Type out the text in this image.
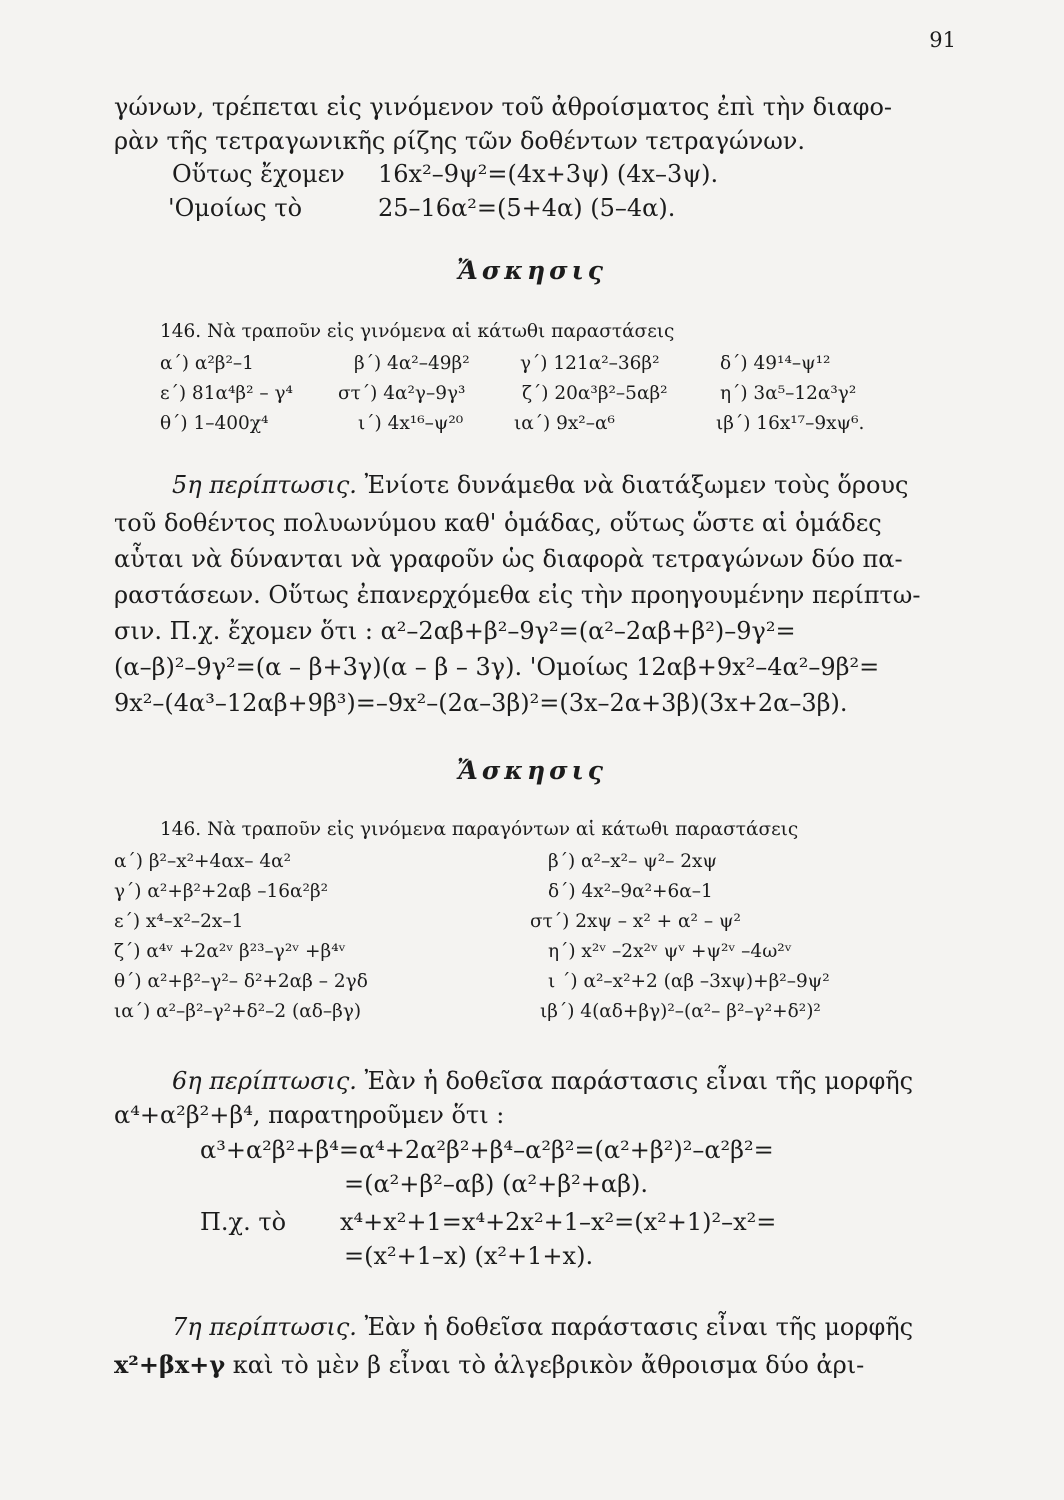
91
γώνων, τρέπεται εἰς γινόμενον τοῦ ἀθροίσματος ἐπὶ τὴν διαφο-
ρὰν τῆς τετραγωνικῆς ρίζης τῶν δοθέντων τετραγώνων.
Οὕτως ἔχομεν 16x²–9ψ²=(4x+3ψ) (4x–3ψ).
'Ομοίως τὸ	25–16α²=(5+4α) (5–4α).
Ἄσκησις
146. Νὰ τραποῦν εἰς γινόμενα αἱ κάτωθι παραστάσεις
α΄) α²β²–1	β΄) 4α²–49β²	γ΄) 121α²–36β²	δ΄) 49¹⁴–ψ¹²
ε΄) 81α⁴β² – γ⁴ στ΄) 4α²γ–9γ³	ζ΄) 20α³β²–5αβ²	η΄) 3α⁵–12α³γ²
θ΄) 1–400χ⁴	ι΄) 4x¹⁶–ψ²⁰	ια΄) 9x²–α⁶	ιβ΄) 16x¹⁷–9xψ⁶.
5η περίπτωσις. Ἐνίοτε δυνάμεθα νὰ διατάξωμεν τοὺς ὅρους
τοῦ δοθέντος πολυωνύμου καθ' ὁμάδας, οὕτως ὥστε αἱ ὁμάδες
αὗται νὰ δύνανται νὰ γραφοῦν ὡς διαφορὰ τετραγώνων δύο πα-
ραστάσεων. Οὕτως ἐπανερχόμεθα εἰς τὴν προηγουμένην περίπτω-
σιν. Π.χ. ἔχομεν ὅτι : α²–2αβ+β²–9γ²=(α²–2αβ+β²)–9γ²=
(α–β)²–9γ²=(α – β+3γ)(α – β – 3γ). 'Ομοίως 12αβ+9x²–4α²–9β²=
9x²–(4α³–12αβ+9β³)=–9x²–(2α–3β)²=(3x–2α+3β)(3x+2α–3β).
Ἄσκησις
146. Νὰ τραποῦν εἰς γινόμενα παραγόντων αἱ κάτωθι παραστάσεις
α΄) β²–x²+4αx– 4α²	β΄) α²–x²– ψ²– 2xψ
γ΄) α²+β²+2αβ –16α²β²	δ΄) 4x²–9α²+6α–1
ε΄) x⁴–x²–2x–1	στ΄) 2xψ – x² + α² – ψ²
ζ΄) α⁴ᵛ +2α²ᵛ β²³–γ²ᵛ +β⁴ᵛ	η΄) x²ᵛ –2x²ᵛ ψᵛ +ψ²ᵛ –4ω²ᵛ
θ΄) α²+β²–γ²– δ²+2αβ – 2γδ	ι ΄) α²–x²+2 (αβ –3xψ)+β²–9ψ²
ια΄) α²–β²–γ²+δ²–2 (αδ–βγ)	ιβ΄) 4(αδ+βγ)²–(α²– β²–γ²+δ²)²
6η περίπτωσις. Ἐὰν ἡ δοθεῖσα παράστασις εἶναι τῆς μορφῆς
α⁴+α²β²+β⁴, παρατηροῦμεν ὅτι :
α³+α²β²+β⁴=α⁴+2α²β²+β⁴–α²β²=(α²+β²)²–α²β²=
=(α²+β²–αβ) (α²+β²+αβ).
Π.χ. τὸ x⁴+x²+1=x⁴+2x²+1–x²=(x²+1)²–x²=
=(x²+1–x) (x²+1+x).
7η περίπτωσις. Ἐὰν ἡ δοθεῖσα παράστασις εἶναι τῆς μορφῆς
x²+βx+γ καὶ τὸ μὲν β εἶναι τὸ ἀλγεβρικὸν ἄθροισμα δύο ἀρι-
